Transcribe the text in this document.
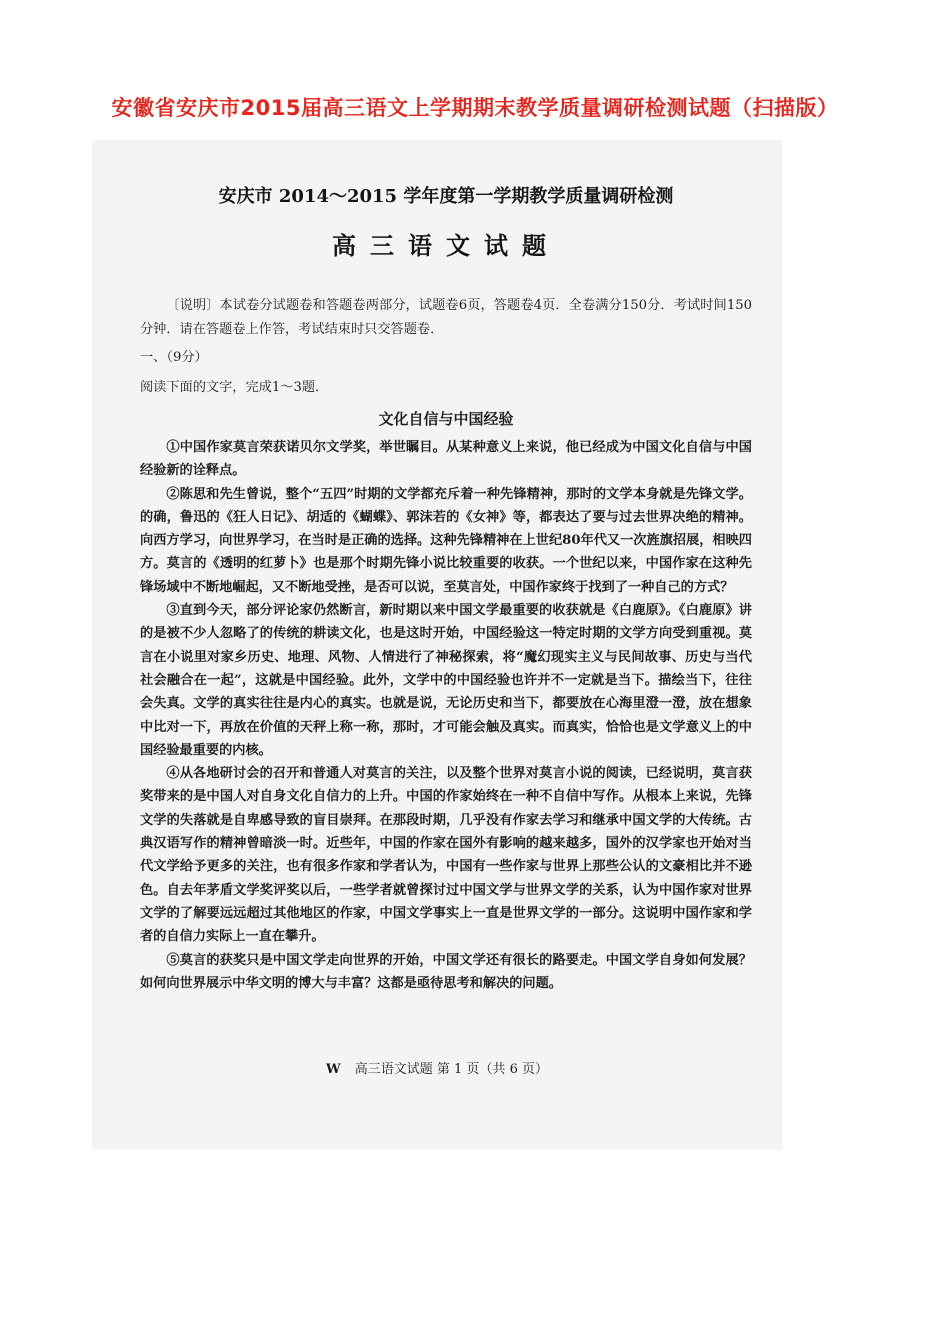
安徽省安庆市2015届高三语文上学期期末教学质量调研检测试题（扫描版）
安庆市 2014～2015 学年度第一学期教学质量调研检测
高三语文试题
〔说明〕本试卷分试题卷和答题卷两部分，试题卷6页，答题卷4页．全卷满分150分．考试时间150分钟．请在答题卷上作答，考试结束时只交答题卷．
一、（9分）
阅读下面的文字，完成1～3题．
文化自信与中国经验

①中国作家莫言荣获诺贝尔文学奖，举世瞩目。从某种意义上来说，他已经成为中国文化自信与中国经验新的诠释点。

②陈思和先生曾说，整个“五四”时期的文学都充斥着一种先锋精神，那时的文学本身就是先锋文学。的确，鲁迅的《狂人日记》、胡适的《蝴蝶》、郭沫若的《女神》等，都表达了要与过去世界决绝的精神。向西方学习，向世界学习，在当时是正确的选择。这种先锋精神在上世纪80年代又一次旌旗招展，相映四方。莫言的《透明的红萝卜》也是那个时期先锋小说比较重要的收获。一个世纪以来，中国作家在这种先锋场域中不断地崛起，又不断地受挫，是否可以说，至莫言处，中国作家终于找到了一种自己的方式？

③直到今天，部分评论家仍然断言，新时期以来中国文学最重要的收获就是《白鹿原》。《白鹿原》讲的是被不少人忽略了的传统的耕读文化，也是这时开始，中国经验这一特定时期的文学方向受到重视。莫言在小说里对家乡历史、地理、风物、人情进行了神秘探索，将“魔幻现实主义与民间故事、历史与当代社会融合在一起”，这就是中国经验。此外，文学中的中国经验也许并不一定就是当下。描绘当下，往往会失真。文学的真实往往是内心的真实。也就是说，无论历史和当下，都要放在心海里澄一澄，放在想象中比对一下，再放在价值的天秤上称一称，那时，才可能会触及真实。而真实，恰恰也是文学意义上的中国经验最重要的内核。

④从各地研讨会的召开和普通人对莫言的关注，以及整个世界对莫言小说的阅读，已经说明，莫言获奖带来的是中国人对自身文化自信力的上升。中国的作家始终在一种不自信中写作。从根本上来说，先锋文学的失落就是自卑感导致的盲目崇拜。在那段时期，几乎没有作家去学习和继承中国文学的大传统。古典汉语写作的精神曾暗淡一时。近些年，中国的作家在国外有影响的越来越多，国外的汉学家也开始对当代文学给予更多的关注，也有很多作家和学者认为，中国有一些作家与世界上那些公认的文豪相比并不逊色。自去年茅盾文学奖评奖以后，一些学者就曾探讨过中国文学与世界文学的关系，认为中国作家对世界文学的了解要远远超过其他地区的作家，中国文学事实上一直是世界文学的一部分。这说明中国作家和学者的自信力实际上一直在攀升。

⑤莫言的获奖只是中国文学走向世界的开始，中国文学还有很长的路要走。中国文学自身如何发展？如何向世界展示中华文明的博大与丰富？这都是亟待思考和解决的问题。

W 高三语文试题 第 1 页（共 6 页）
